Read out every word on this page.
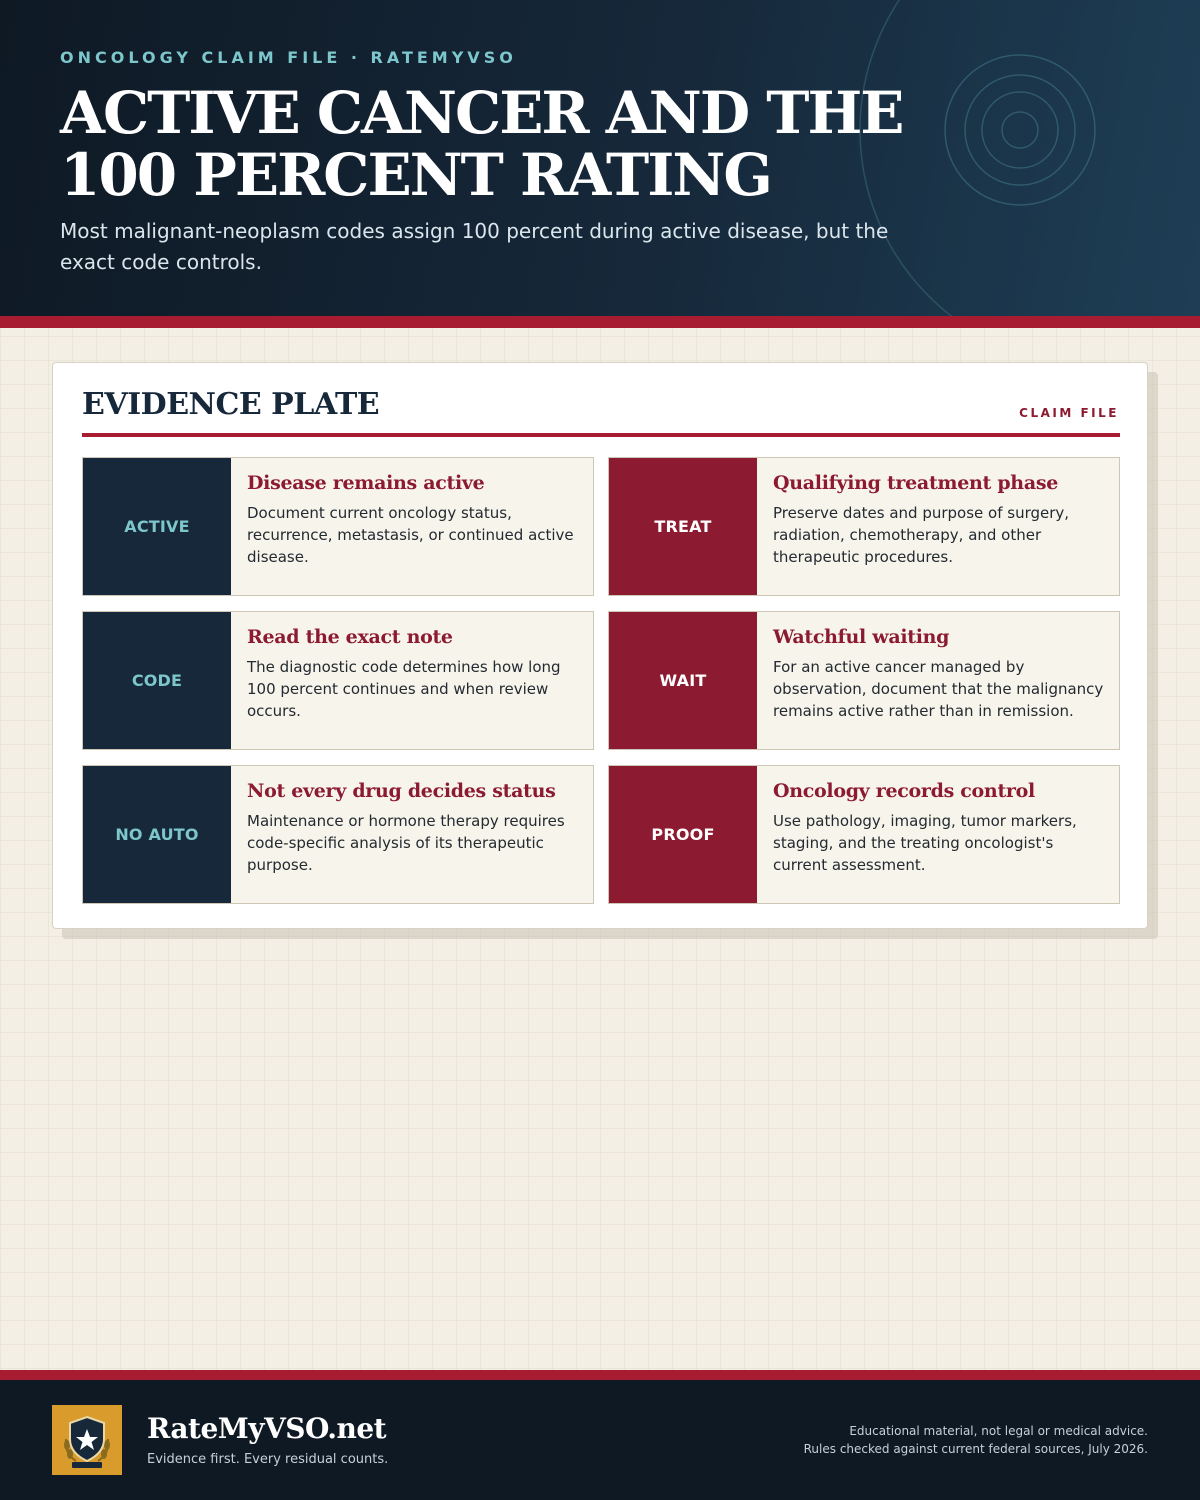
ONCOLOGY CLAIM FILE · RATEMYVSO
ACTIVE CANCER AND THE
100 PERCENT RATING
Most malignant-neoplasm codes assign 100 percent during active disease, but the exact code controls.
EVIDENCE PLATE	CLAIM FILE
ACTIVE
Disease remains active
Document current oncology status, recurrence, metastasis, or continued active disease.
TREAT
Qualifying treatment phase
Preserve dates and purpose of surgery, radiation, chemotherapy, and other therapeutic procedures.
CODE
Read the exact note
The diagnostic code determines how long 100 percent continues and when review occurs.
WAIT
Watchful waiting
For an active cancer managed by observation, document that the malignancy remains active rather than in remission.
NO AUTO
Not every drug decides status
Maintenance or hormone therapy requires code-specific analysis of its therapeutic purpose.
PROOF
Oncology records control
Use pathology, imaging, tumor markers, staging, and the treating oncologist's current assessment.
RateMyVSO.net
Evidence first. Every residual counts.
Educational material, not legal or medical advice.
Rules checked against current federal sources, July 2026.
